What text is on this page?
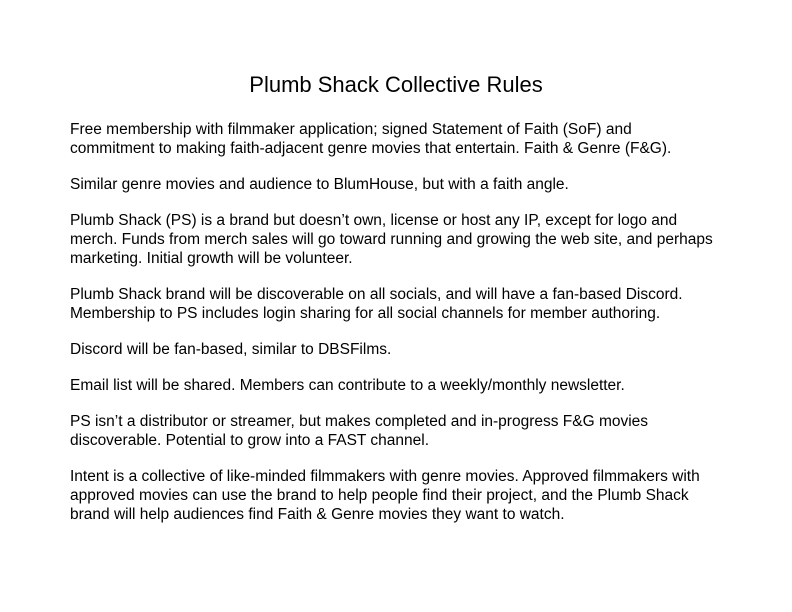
Plumb Shack Collective Rules

Free membership with filmmaker application; signed Statement of Faith (SoF) and commitment to making faith-adjacent genre movies that entertain. Faith & Genre (F&G).

Similar genre movies and audience to BlumHouse, but with a faith angle.

Plumb Shack (PS) is a brand but doesn’t own, license or host any IP, except for logo and merch. Funds from merch sales will go toward running and growing the web site, and perhaps marketing. Initial growth will be volunteer.

Plumb Shack brand will be discoverable on all socials, and will have a fan-based Discord. Membership to PS includes login sharing for all social channels for member authoring.

Discord will be fan-based, similar to DBSFilms.

Email list will be shared. Members can contribute to a weekly/monthly newsletter.

PS isn’t a distributor or streamer, but makes completed and in-progress F&G movies discoverable. Potential to grow into a FAST channel.

Intent is a collective of like-minded filmmakers with genre movies. Approved filmmakers with approved movies can use the brand to help people find their project, and the Plumb Shack brand will help audiences find Faith & Genre movies they want to watch.
